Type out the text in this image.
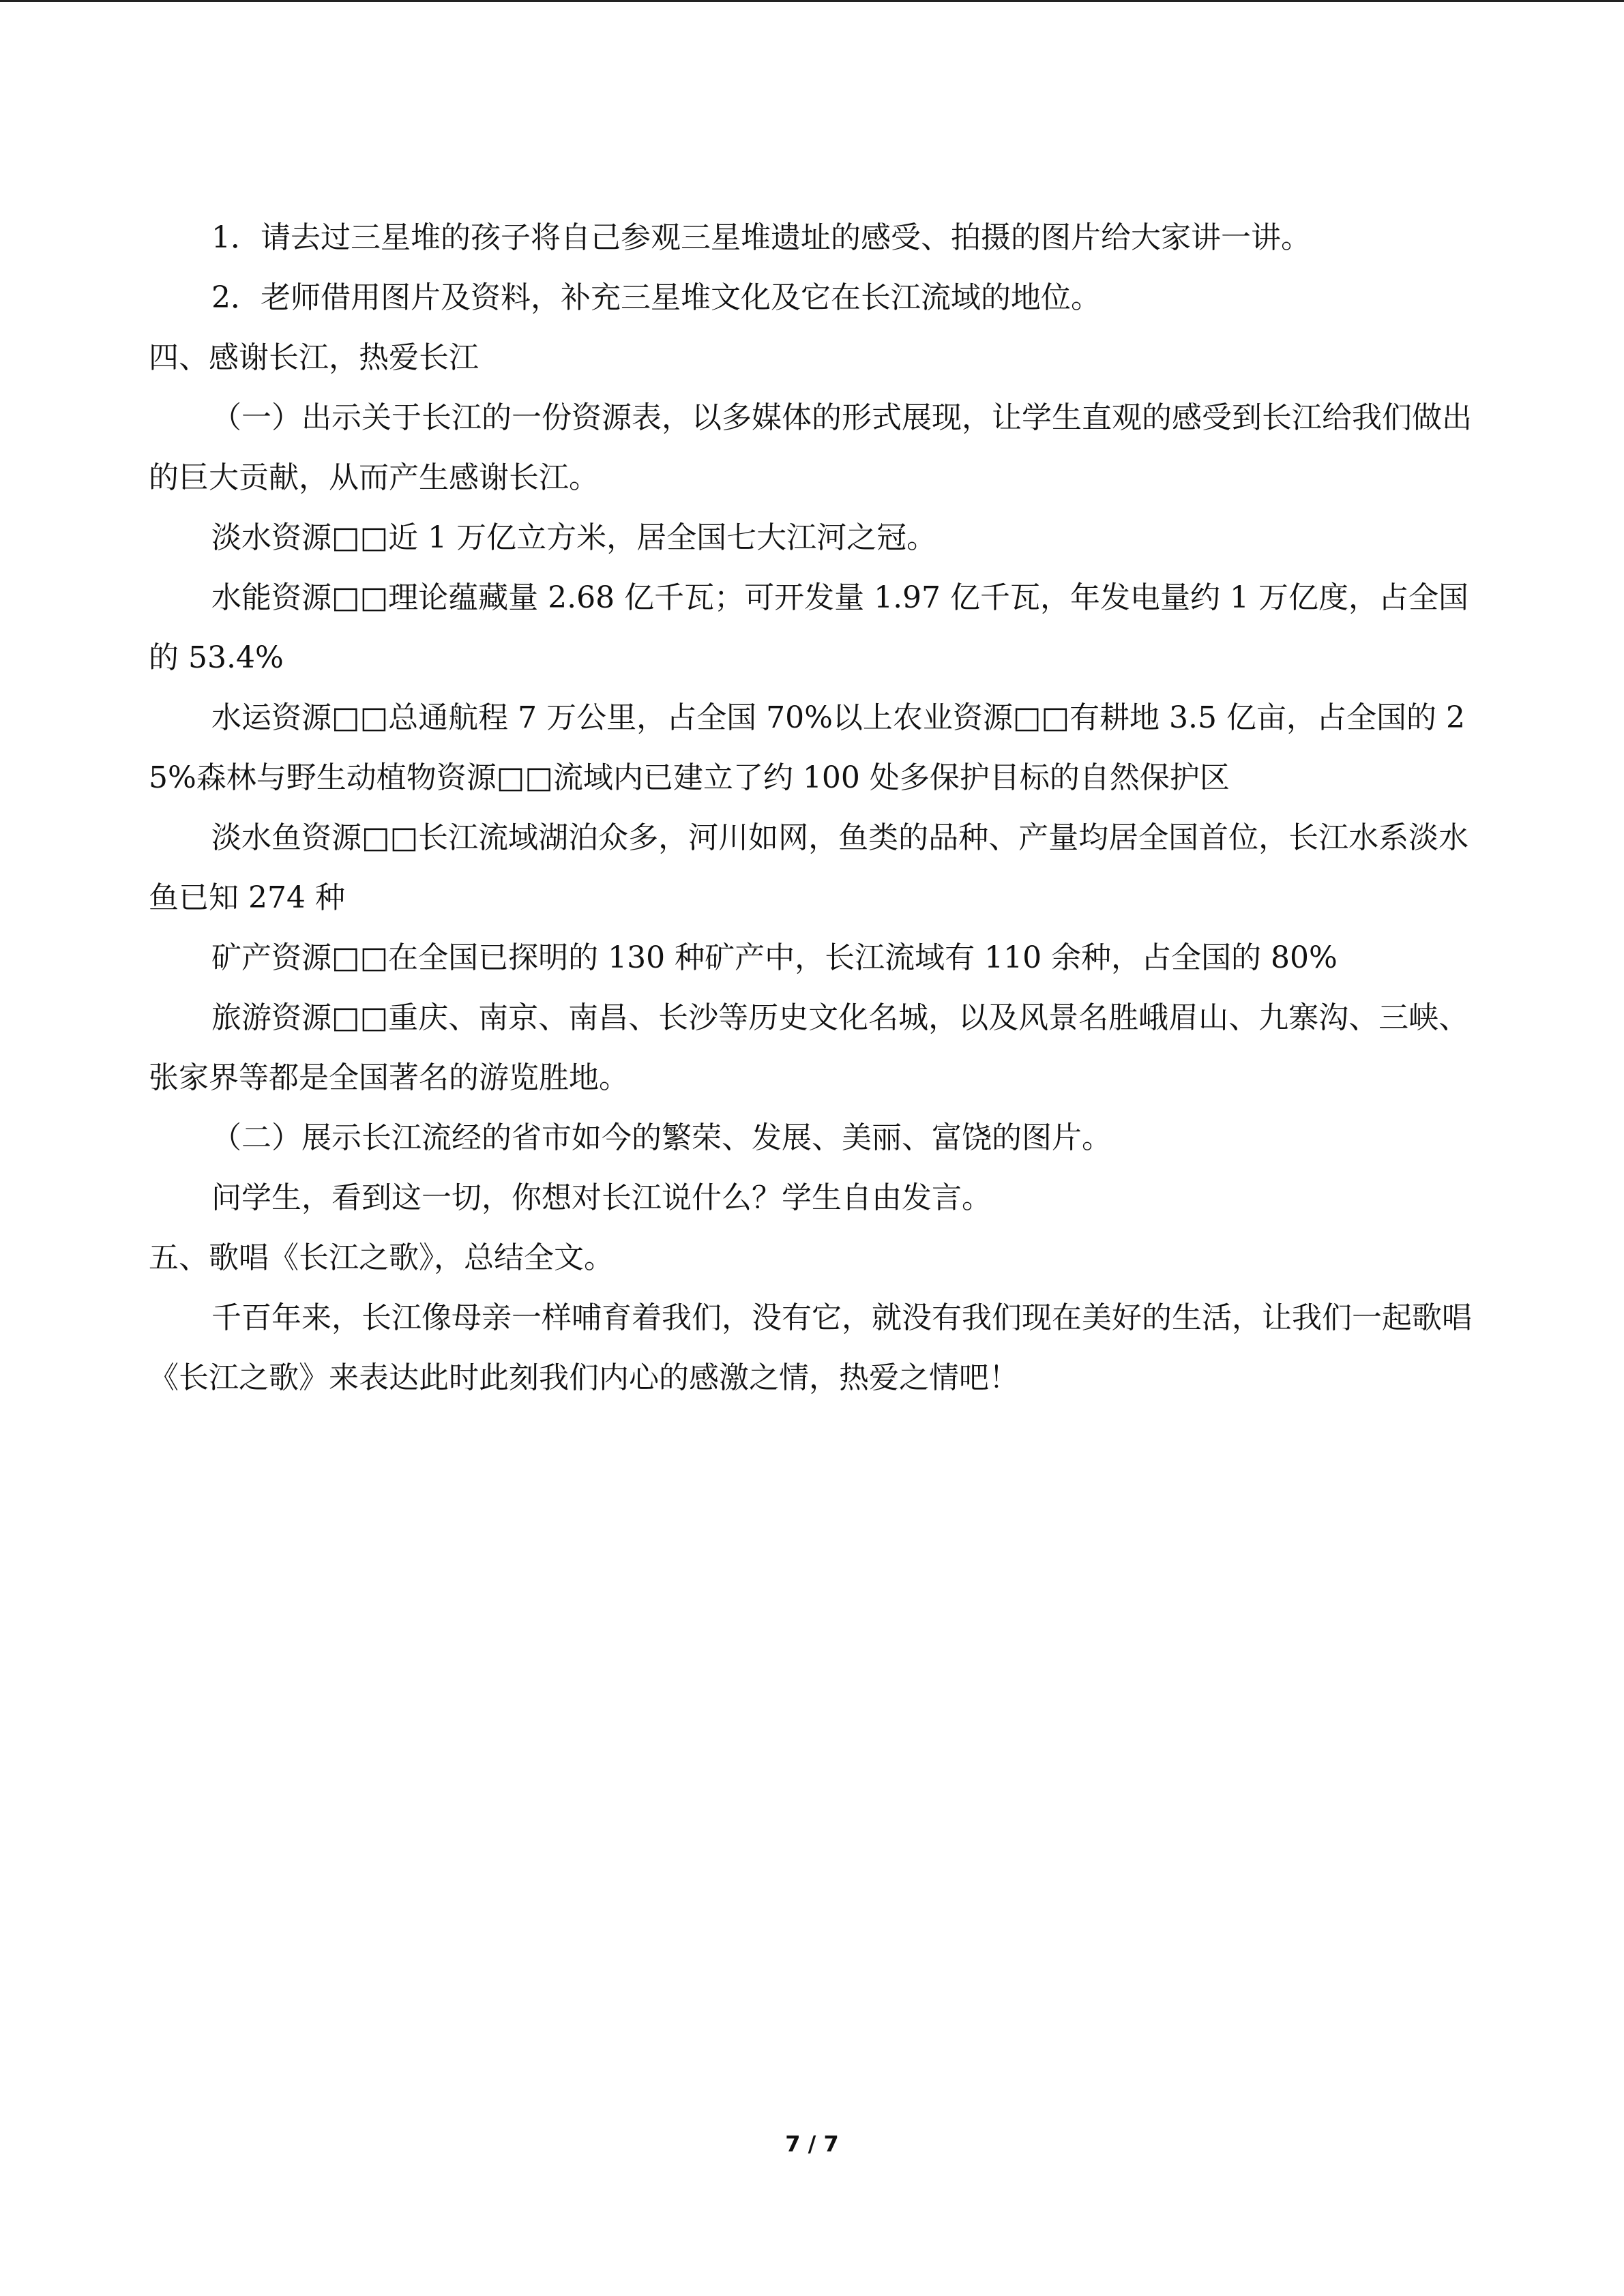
1．请去过三星堆的孩子将自己参观三星堆遗址的感受、拍摄的图片给大家讲一讲。

2．老师借用图片及资料，补充三星堆文化及它在长江流域的地位。

四、感谢长江，热爱长江

（一）出示关于长江的一份资源表，以多媒体的形式展现，让学生直观的感受到长江给我们做出的巨大贡献，从而产生感谢长江。

淡水资源□□近 1 万亿立方米，居全国七大江河之冠。

水能资源□□理论蕴藏量 2.68 亿千瓦；可开发量 1.97 亿千瓦，年发电量约 1 万亿度，占全国的 53.4%

水运资源□□总通航程 7 万公里，占全国 70%以上农业资源□□有耕地 3.5 亿亩，占全国的 25%森林与野生动植物资源□□流域内已建立了约 100 处多保护目标的自然保护区

淡水鱼资源□□长江流域湖泊众多，河川如网，鱼类的品种、产量均居全国首位，长江水系淡水鱼已知 274 种

矿产资源□□在全国已探明的 130 种矿产中，长江流域有 110 余种，占全国的 80%

旅游资源□□重庆、南京、南昌、长沙等历史文化名城，以及风景名胜峨眉山、九寨沟、三峡、张家界等都是全国著名的游览胜地。

（二）展示长江流经的省市如今的繁荣、发展、美丽、富饶的图片。

问学生，看到这一切，你想对长江说什么？学生自由发言。

五、歌唱《长江之歌》，总结全文。

千百年来，长江像母亲一样哺育着我们，没有它，就没有我们现在美好的生活，让我们一起歌唱《长江之歌》来表达此时此刻我们内心的感激之情，热爱之情吧！

7 / 7
